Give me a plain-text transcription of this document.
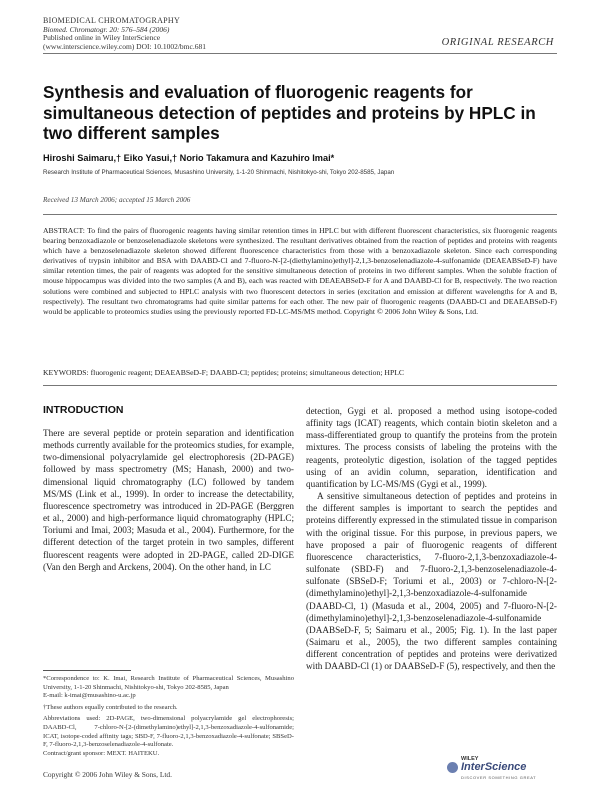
BIOMEDICAL CHROMATOGRAPHY
Biomed. Chromatogr. 20: 576–584 (2006)
Published online in Wiley InterScience
(www.interscience.wiley.com) DOI: 10.1002/bmc.681	ORIGINAL RESEARCH
Synthesis and evaluation of fluorogenic reagents for simultaneous detection of peptides and proteins by HPLC in two different samples
Hiroshi Saimaru,† Eiko Yasui,† Norio Takamura and Kazuhiro Imai*
Research Institute of Pharmaceutical Sciences, Musashino University, 1-1-20 Shinmachi, Nishitokyo-shi, Tokyo 202-8585, Japan
Received 13 March 2006; accepted 15 March 2006
ABSTRACT: To find the pairs of fluorogenic reagents having similar retention times in HPLC but with different fluorescent characteristics, six fluorogenic reagents bearing benzoxadiazole or benzoselenadiazole skeletons were synthesized. The resultant derivatives obtained from the reaction of peptides and proteins with reagents which have a benzoselenadiazole skeleton showed different fluorescence characteristics from those with a benzoxadiazole skeleton. Since each corresponding derivatives of trypsin inhibitor and BSA with DAABD-Cl and 7-fluoro-N-[2-(diethylamino)ethyl]-2,1,3-benzoselenadiazole-4-sulfonamide (DEAEABSeD-F) have similar retention times, the pair of reagents was adopted for the sensitive simultaneous detection of proteins in two different samples. When the soluble fraction of mouse hippocampus was divided into the two samples (A and B), each was reacted with DEAEABSeD-F for A and DAABD-Cl for B, respectively. The two reaction solutions were combined and subjected to HPLC analysis with two fluorescent detectors in series (excitation and emission at different wavelengths for A and B, respectively). The resultant two chromatograms had quite similar patterns for each other. The new pair of fluorogenic reagents (DAABD-Cl and DEAEABSeD-F) would be applicable to proteomics studies using the previously reported FD-LC-MS/MS method. Copyright © 2006 John Wiley & Sons, Ltd.
KEYWORDS: fluorogenic reagent; DEAEABSeD-F; DAABD-Cl; peptides; proteins; simultaneous detection; HPLC
INTRODUCTION

There are several peptide or protein separation and identification methods currently available for the proteomics studies, for example, two-dimensional polyacrylamide gel electrophoresis (2D-PAGE) followed by mass spectrometry (MS; Hanash, 2000) and two-dimensional liquid chromatography (LC) followed by tandem MS/MS (Link et al., 1999). In order to increase the detectability, fluorescence spectrometry was introduced in 2D-PAGE (Berggren et al., 2000) and high-performance liquid chromatography (HPLC; Toriumi and Imai, 2003; Masuda et al., 2004). Furthermore, for the different detection of the target protein in two samples, different fluorescent reagents were adopted in 2D-PAGE, called 2D-DIGE (Van den Bergh and Arckens, 2004). On the other hand, in LC

detection, Gygi et al. proposed a method using isotope-coded affinity tags (ICAT) reagents, which contain biotin skeleton and a mass-differentiated group to quantify the proteins from the protein mixtures. The process consists of labeling the proteins with the reagents, proteolytic digestion, isolation of the tagged peptides using of an avidin column, separation, identification and quantification by LC-MS/MS (Gygi et al., 1999).

A sensitive simultaneous detection of peptides and proteins in the different samples is important to search the peptides and proteins differently expressed in the stimulated tissue in comparison with the original tissue. For this purpose, in previous papers, we have proposed a pair of fluorogenic reagents of different fluorescence characteristics, 7-fluoro-2,1,3-benzoxadiazole-4-sulfonate (SBD-F) and 7-fluoro-2,1,3-benzoselenadiazole-4-sulfonate (SBSeD-F; Toriumi et al., 2003) or 7-chloro-N-[2-(dimethylamino)ethyl]-2,1,3-benzoxadiazole-4-sulfonamide (DAABD-Cl, 1) (Masuda et al., 2004, 2005) and 7-fluoro-N-[2-(dimethylamino)ethyl]-2,1,3-benzoselenadiazole-4-sulfonamide (DAABSeD-F, 5; Saimaru et al., 2005; Fig. 1). In the last paper (Saimaru et al., 2005), the two different samples containing different concentration of peptides and proteins were derivatized with DAABD-Cl (1) or DAABSeD-F (5), respectively, and then the

*Correspondence to: K. Imai, Research Institute of Pharmaceutical Sciences, Musashino University, 1-1-20 Shinmachi, Nishitokyo-shi, Tokyo 202-8585, Japan

E-mail: k-imai@musashino-u.ac.jp

†These authors equally contributed to the research.

Abbreviations used: 2D-PAGE, two-dimensional polyacrylamide gel electrophoresis; DAABD-Cl, 7-chloro-N-[2-(dimethylamino)ethyl]-2,1,3-benzoxadiazole-4-sulfonamide; ICAT, isotope-coded affinity tags; SBD-F, 7-fluoro-2,1,3-benzoxadiazole-4-sulfonate; SBSeD-F, 7-fluoro-2,1,3-benzoselenadiazole-4-sulfonate.

Contract/grant sponsor: MEXT. HAITEKU.

Copyright © 2006 John Wiley & Sons, Ltd.
WILEY
InterScience
DISCOVER SOMETHING GREAT
